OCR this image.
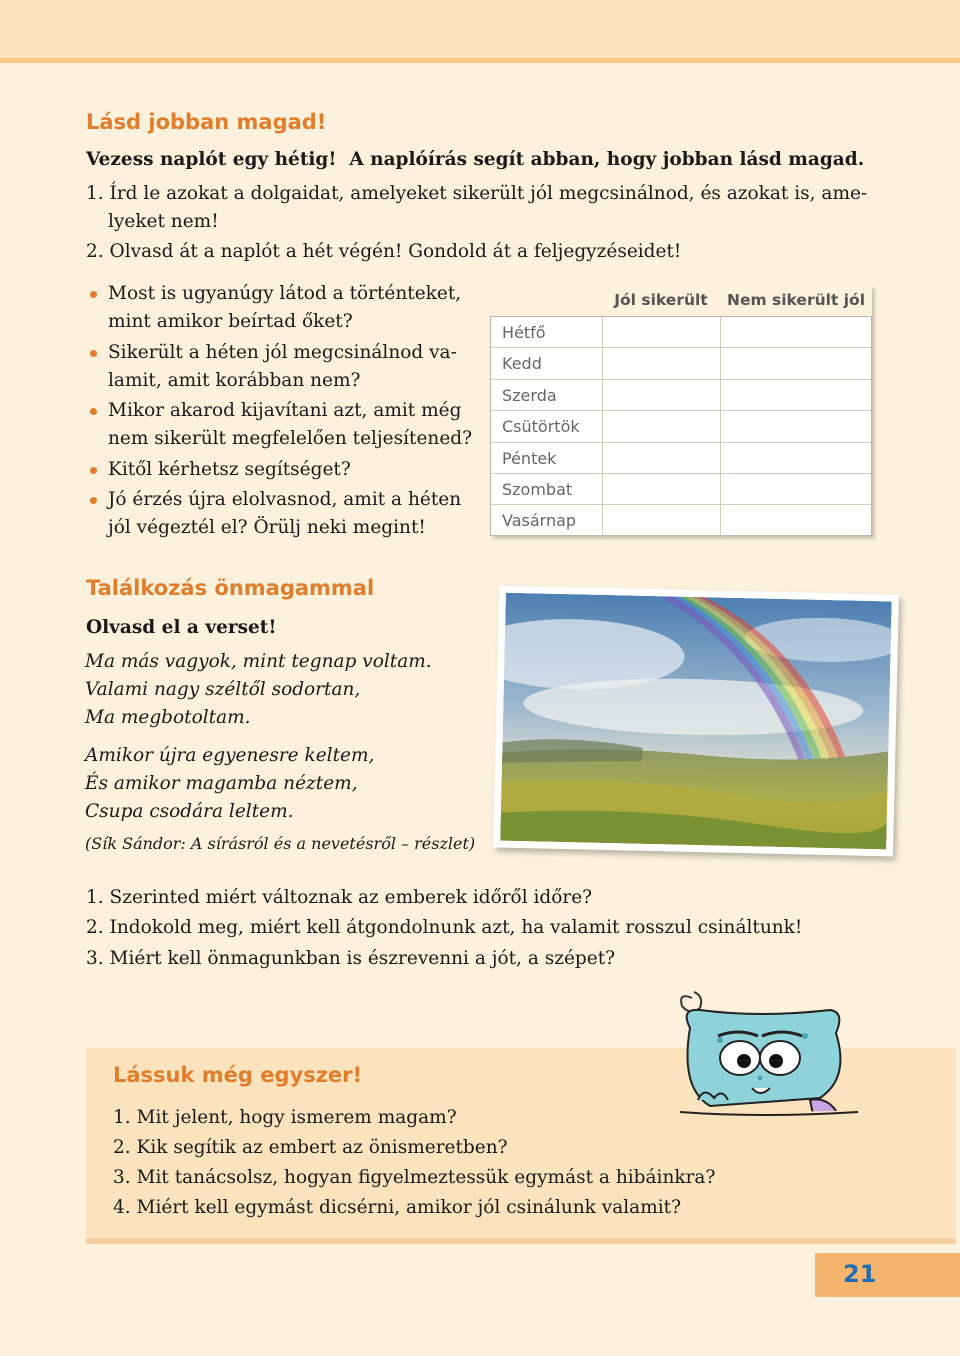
Lásd jobban magad!
Vezess naplót egy hétig!  A naplóírás segít abban, hogy jobban lásd magad.
1. Írd le azokat a dolgaidat, amelyeket sikerült jól megcsinálnod, és azokat is, ame-
lyeket nem!
2. Olvasd át a naplót a hét végén! Gondold át a feljegyzéseidet!
Most is ugyanúgy látod a történteket,
mint amikor beírtad őket?
Sikerült a héten jól megcsinálnod va-
lamit, amit korábban nem?
Mikor akarod kijavítani azt, amit még
nem sikerült megfelelően teljesítened?
Kitől kérhetsz segítséget?
Jó érzés újra elolvasnod, amit a héten
jól végeztél el? Örülj neki megint!
Jól sikerült	Nem sikerült jól
Hétfő
Kedd
Szerda
Csütörtök
Péntek
Szombat
Vasárnap
Találkozás önmagammal
Olvasd el a verset!
Ma más vagyok, mint tegnap voltam.
Valami nagy széltől sodortan,
Ma megbotoltam.
Amikor újra egyenesre keltem,
És amikor magamba néztem,
Csupa csodára leltem.
(Sík Sándor: A sírásról és a nevetésről – részlet)
1. Szerinted miért változnak az emberek időről időre?
2. Indokold meg, miért kell átgondolnunk azt, ha valamit rosszul csináltunk!
3. Miért kell önmagunkban is észrevenni a jót, a szépet?
Lássuk még egyszer!
1. Mit jelent, hogy ismerem magam?
2. Kik segítik az embert az önismeretben?
3. Mit tanácsolsz, hogyan figyelmeztessük egymást a hibáinkra?
4. Miért kell egymást dicsérni, amikor jól csinálunk valamit?
21
